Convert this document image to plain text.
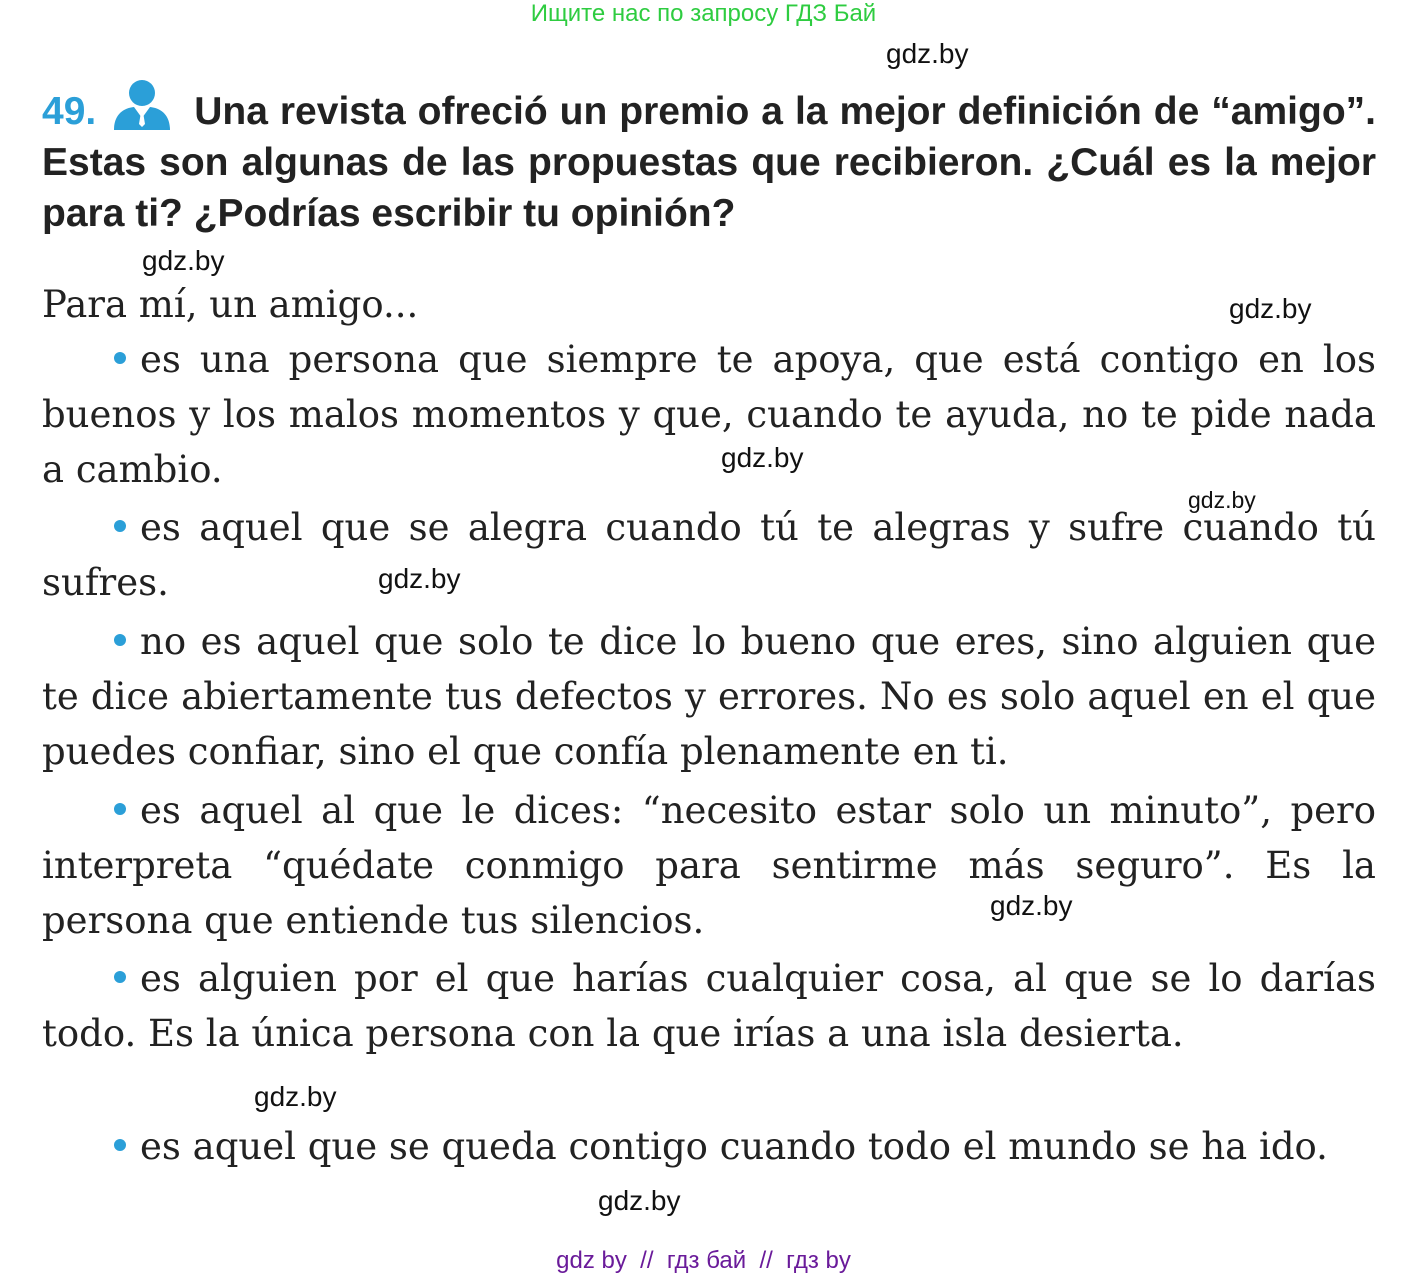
Ищите нас по запросу ГДЗ Бай
gdz.by
gdz.by
gdz.by
gdz.by
gdz.by
gdz.by
gdz.by
gdz.by
gdz.by

49.	Una revista ofreció un premio a la mejor definición de “amigo”. Estas son algunas de las propuestas que recibieron. ¿Cuál es la mejor para ti? ¿Podrías escribir tu opinión?

Para mí, un amigo...

es una persona que siempre te apoya, que está contigo en los buenos y los malos momentos y que, cuando te ayuda, no te pide nada a cambio.

es aquel que se alegra cuando tú te alegras y sufre cuando tú sufres.

no es aquel que solo te dice lo bueno que eres, sino alguien que te dice abiertamente tus defectos y errores. No es solo aquel en el que puedes confiar, sino el que confía plenamente en ti.

es aquel al que le dices: “necesito estar solo un minuto”, pero interpreta “quédate conmigo para sentirme más seguro”. Es la persona que entiende tus silencios.

es alguien por el que harías cualquier cosa, al que se lo darías todo. Es la única persona con la que irías a una isla desierta.

es aquel que se queda contigo cuando todo el mundo se ha ido.

gdz by  //  гдз бай  //  гдз by
